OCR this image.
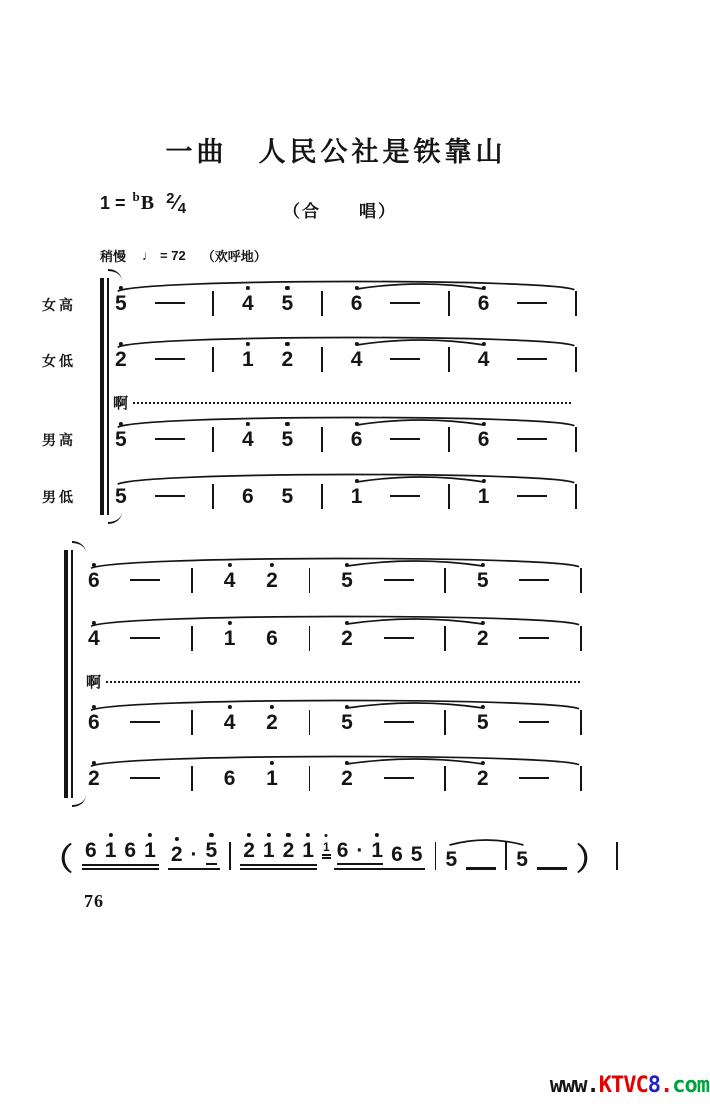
一曲　人民公社是铁靠山
1 = b B 2⁄4	（合　　唱）
稍慢 ♩ = 72 （欢呼地）
女高
女低
男高
男低
5	4 5	6	6
2	1 2	4	4
啊
5	4 5	6	6
5	6 5	1	1
6	4 2	5	5
4	1 6	2	2
啊
6	4 2	5	5
2	6 1	2	2
（ 6 1 6 1 2 · 5 2 1 2 1 1 6 · 1 6 5 5	5 ）
76
www.KTVC8.com
